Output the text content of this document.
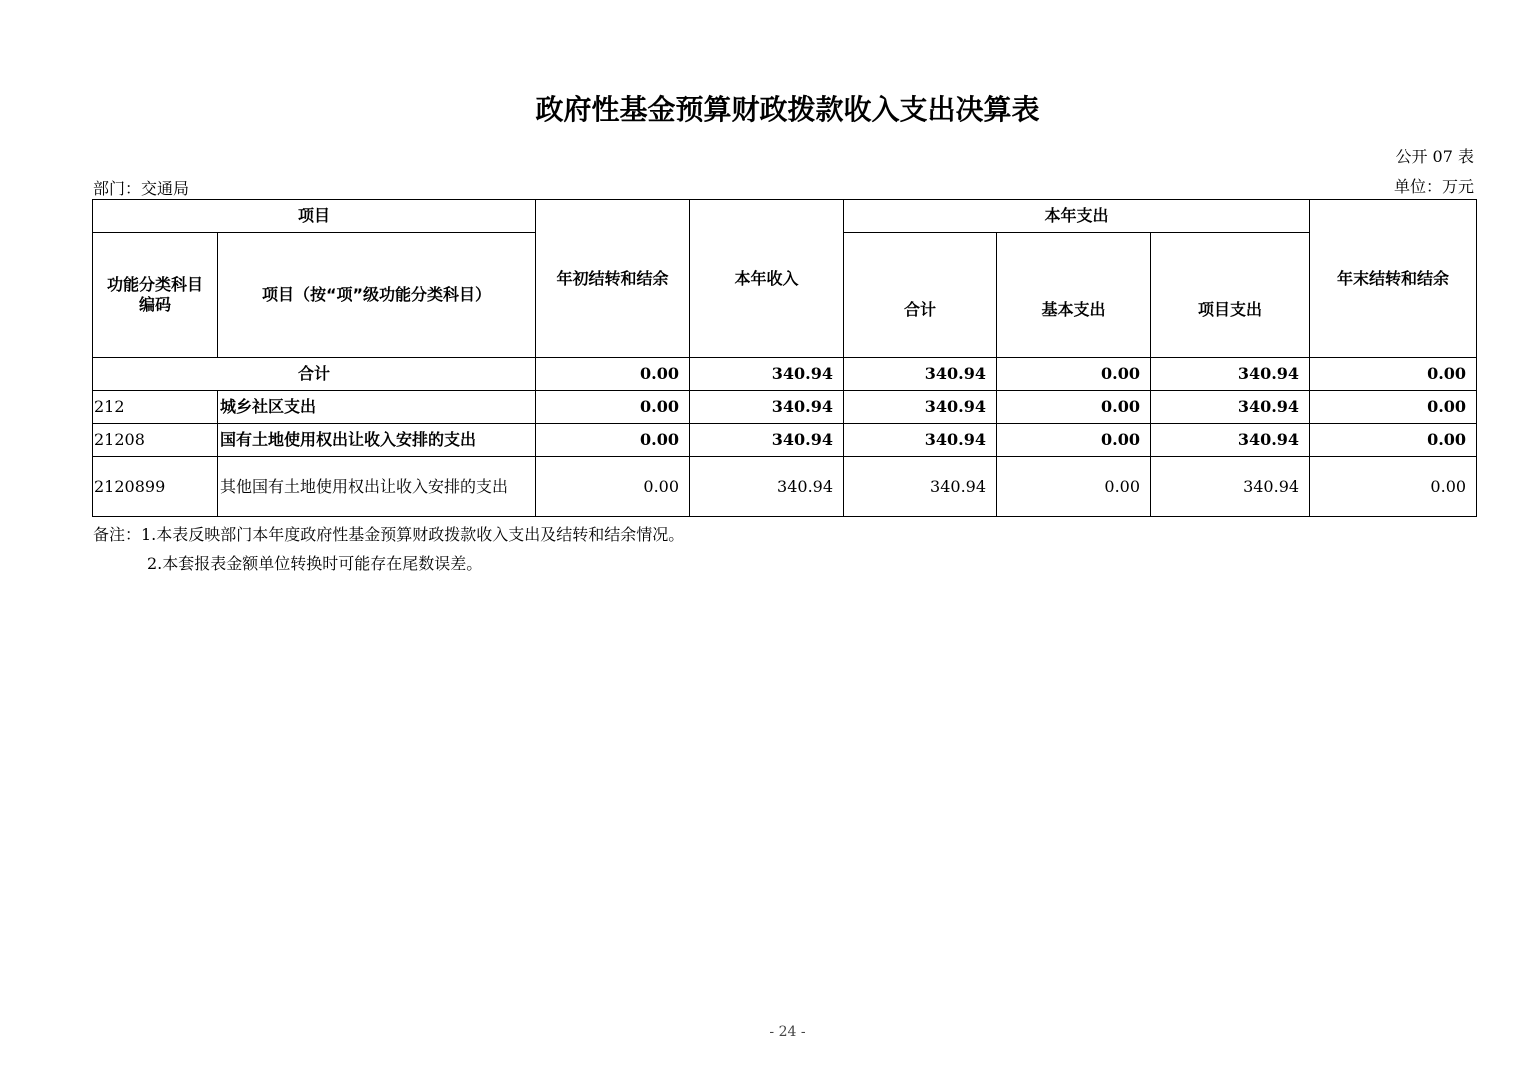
政府性基金预算财政拨款收入支出决算表
公开 07 表
部门：交通局	单位：万元
项目		年初结转和结余	本年收入	本年支出			年末结转和结余
功能分类科目编码	项目（按“项”级功能分类科目）			合计	基本支出	项目支出	
合计		0.00	340.94	340.94	0.00	340.94	0.00
212	城乡社区支出	0.00	340.94	340.94	0.00	340.94	0.00
21208	国有土地使用权出让收入安排的支出	0.00	340.94	340.94	0.00	340.94	0.00
2120899	其他国有土地使用权出让收入安排的支出	0.00	340.94	340.94	0.00	340.94	0.00
备注：1.本表反映部门本年度政府性基金预算财政拨款收入支出及结转和结余情况。
2.本套报表金额单位转换时可能存在尾数误差。
- 24 -
